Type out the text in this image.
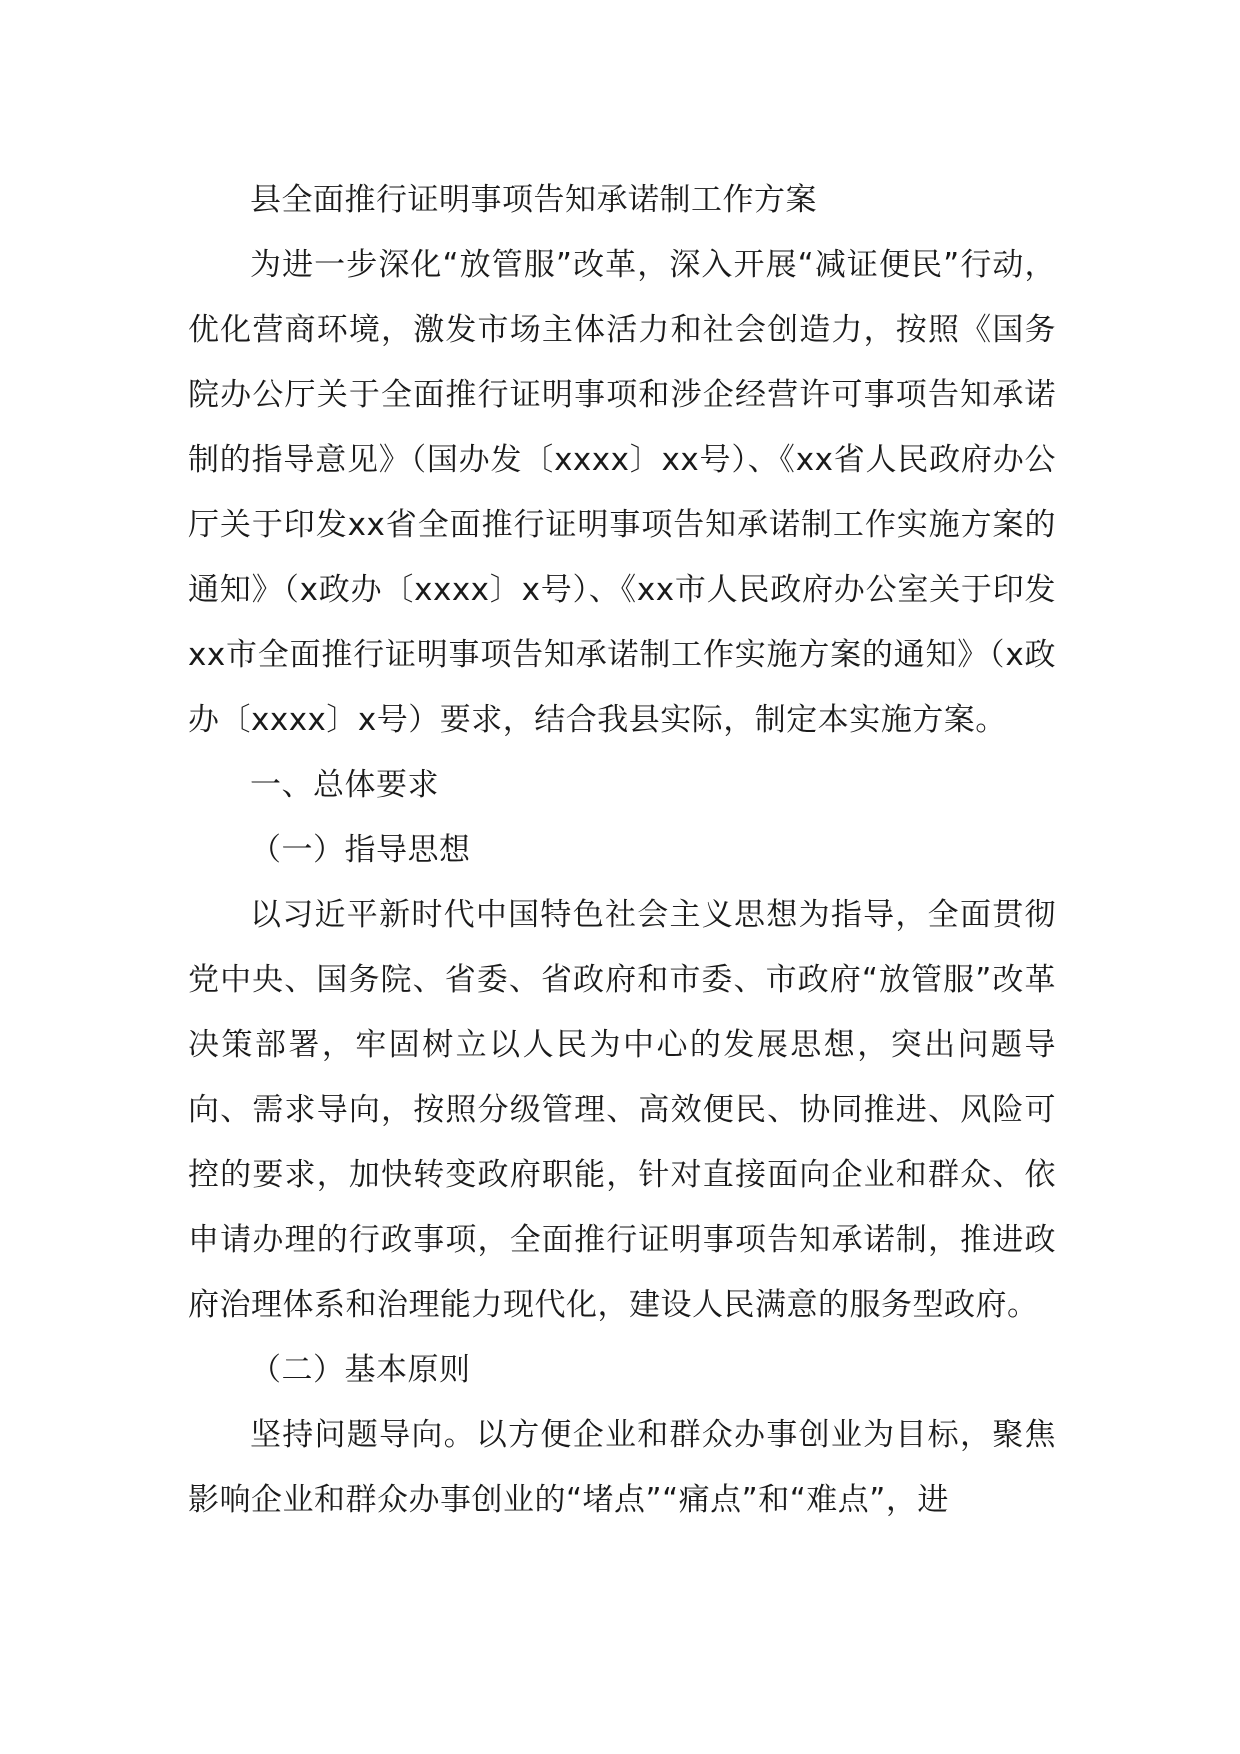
县全面推行证明事项告知承诺制工作方案

为进一步深化“放管服”改革，深入开展“减证便民”行动，优化营商环境，激发市场主体活力和社会创造力，按照《国务院办公厅关于全面推行证明事项和涉企经营许可事项告知承诺制的指导意见》（国办发〔xxxx〕xx号）、《xx省人民政府办公厅关于印发xx省全面推行证明事项告知承诺制工作实施方案的通知》（x政办〔xxxx〕x号）、《xx市人民政府办公室关于印发xx市全面推行证明事项告知承诺制工作实施方案的通知》（x政办〔xxxx〕x号）要求，结合我县实际，制定本实施方案。

一、总体要求

（一）指导思想

以习近平新时代中国特色社会主义思想为指导，全面贯彻党中央、国务院、省委、省政府和市委、市政府“放管服”改革决策部署，牢固树立以人民为中心的发展思想，突出问题导向、需求导向，按照分级管理、高效便民、协同推进、风险可控的要求，加快转变政府职能，针对直接面向企业和群众、依申请办理的行政事项，全面推行证明事项告知承诺制，推进政府治理体系和治理能力现代化，建设人民满意的服务型政府。

（二）基本原则

坚持问题导向。以方便企业和群众办事创业为目标，聚焦影响企业和群众办事创业的“堵点”“痛点”和“难点”，进
